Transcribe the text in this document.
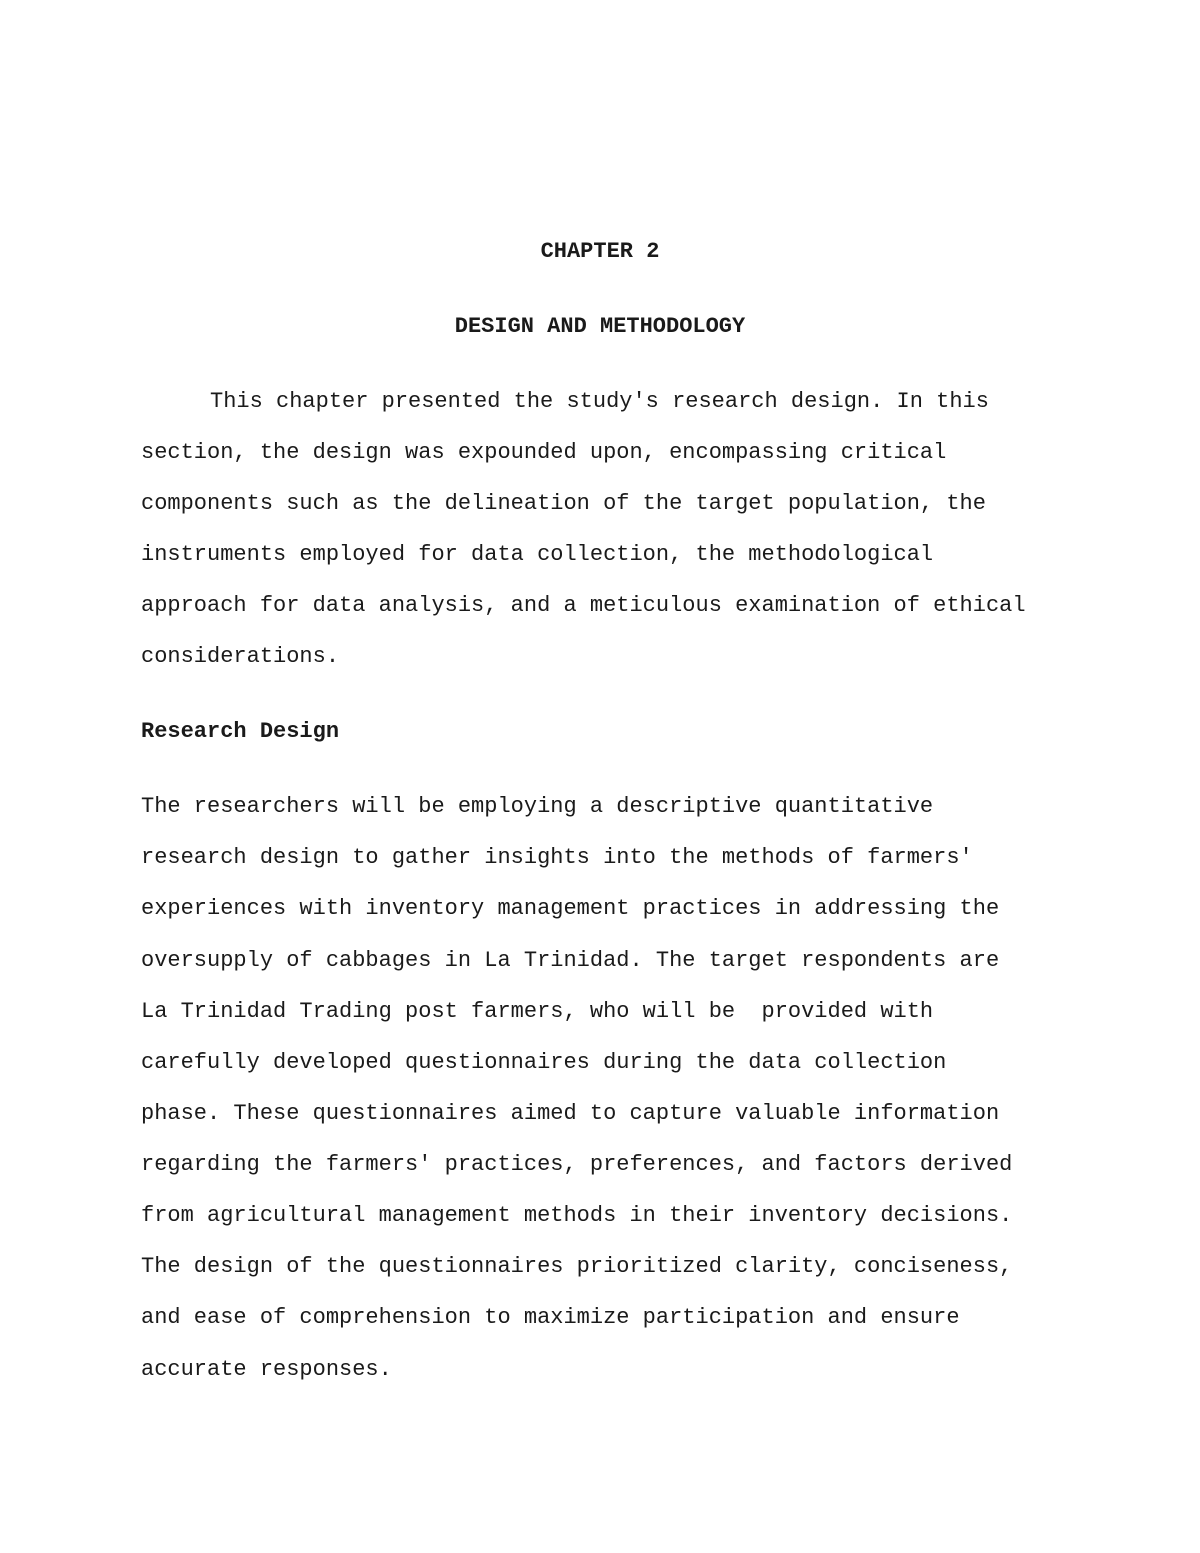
CHAPTER 2
DESIGN AND METHODOLOGY

This chapter presented the study's research design. In this

section, the design was expounded upon, encompassing critical

components such as the delineation of the target population, the

instruments employed for data collection, the methodological

approach for data analysis, and a meticulous examination of ethical

considerations.

Research Design

The researchers will be employing a descriptive quantitative

research design to gather insights into the methods of farmers'

experiences with inventory management practices in addressing the

oversupply of cabbages in La Trinidad. The target respondents are

La Trinidad Trading post farmers, who will be  provided with

carefully developed questionnaires during the data collection

phase. These questionnaires aimed to capture valuable information

regarding the farmers' practices, preferences, and factors derived

from agricultural management methods in their inventory decisions.

The design of the questionnaires prioritized clarity, conciseness,

and ease of comprehension to maximize participation and ensure

accurate responses.
